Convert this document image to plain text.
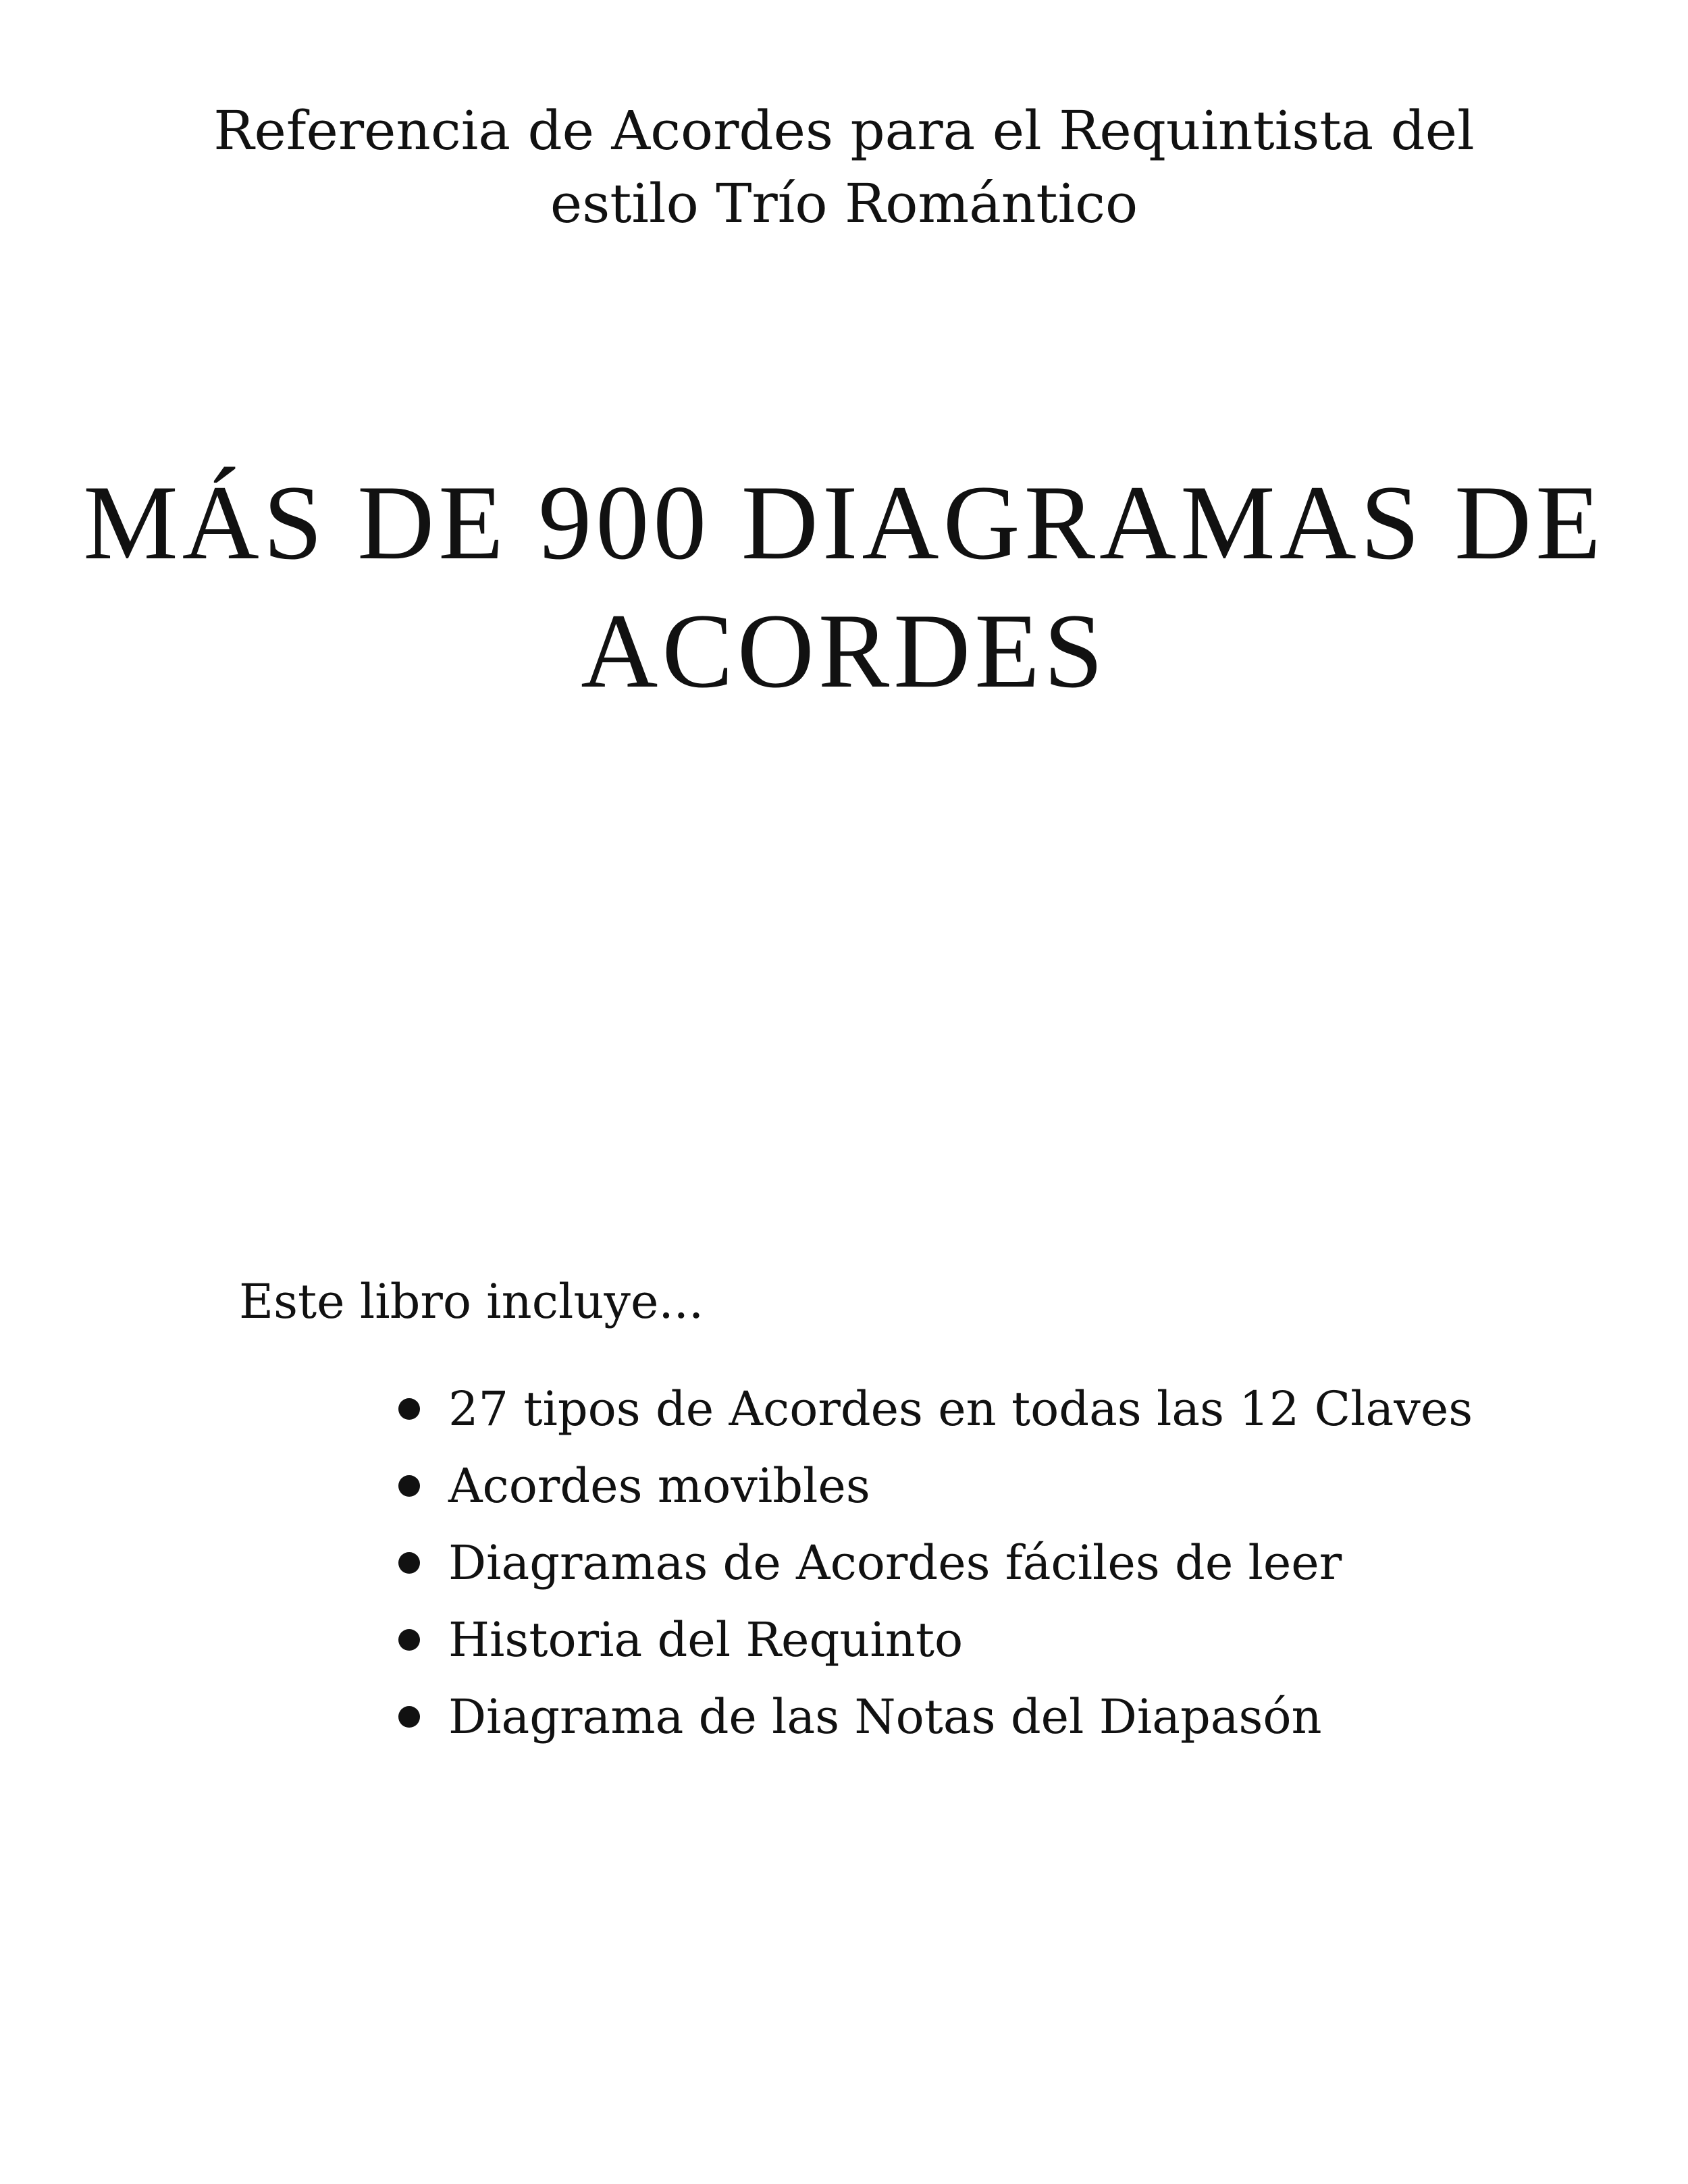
Referencia de Acordes para el Requintista del
estilo Trío Romántico
MÁS DE 900 DIAGRAMAS DE
ACORDES

Este libro incluye...

27 tipos de Acordes en todas las 12 Claves
Acordes movibles
Diagramas de Acordes fáciles de leer
Historia del Requinto
Diagrama de las Notas del Diapasón
